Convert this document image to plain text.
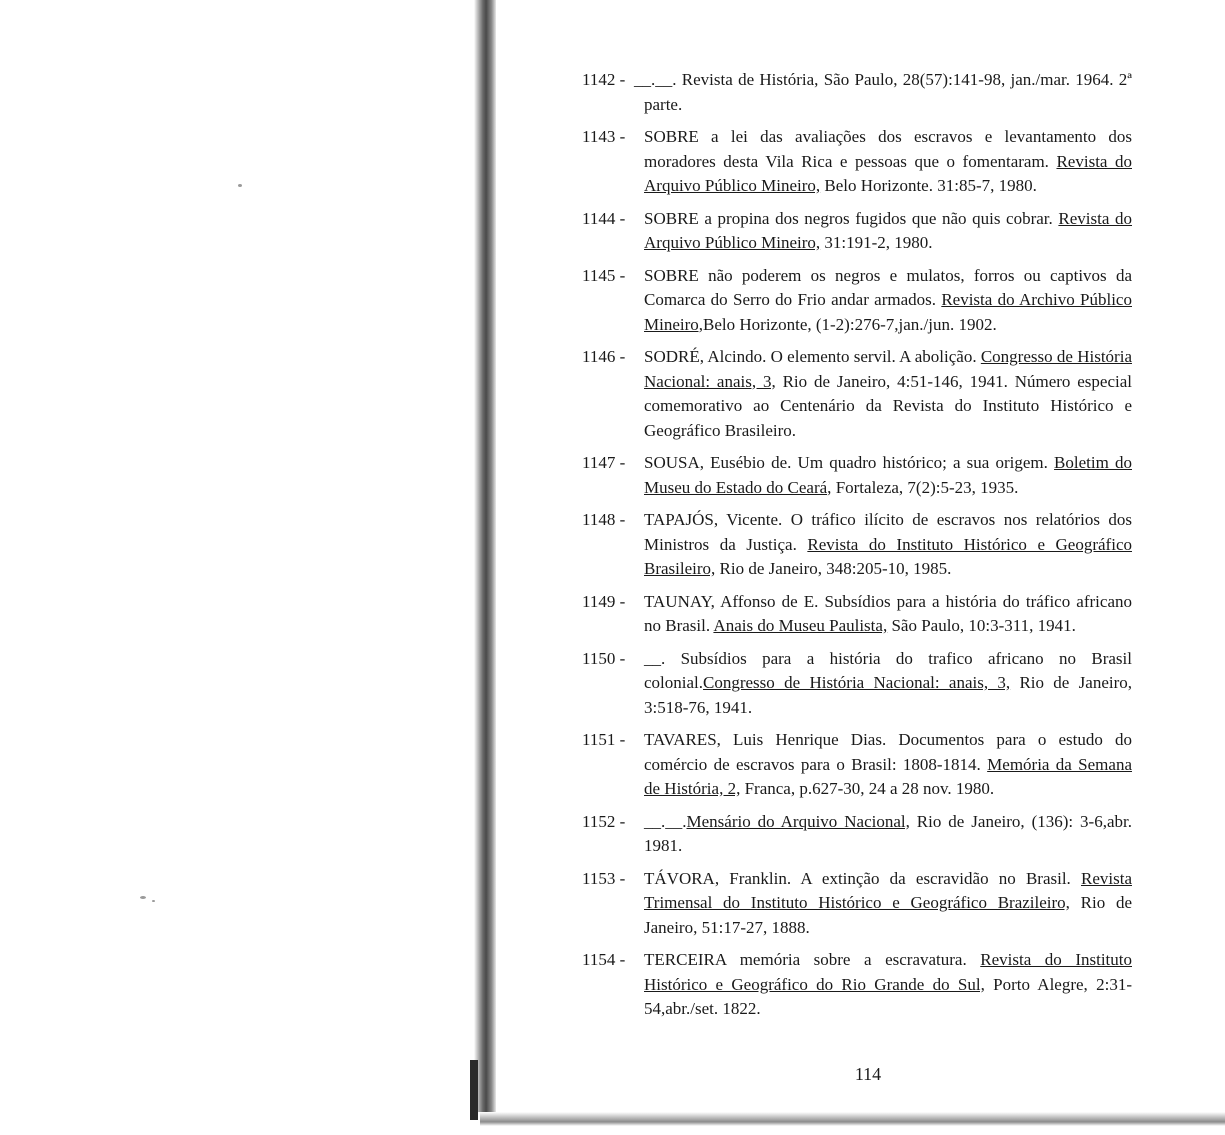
1142 - __.__. Revista de História, São Paulo, 28(57):141-98, jan./mar. 1964. 2ª parte.
1143 - SOBRE a lei das avaliações dos escravos e levantamento dos moradores desta Vila Rica e pessoas que o fomentaram. Revista do Arquivo Público Mineiro, Belo Horizonte. 31:85-7, 1980.
1144 - SOBRE a propina dos negros fugidos que não quis cobrar. Revista do Arquivo Público Mineiro, 31:191-2, 1980.
1145 - SOBRE não poderem os negros e mulatos, forros ou captivos da Comarca do Serro do Frio andar armados. Revista do Archivo Público Mineiro,Belo Horizonte, (1-2):276-7,jan./jun. 1902.
1146 - SODRÉ, Alcindo. O elemento servil. A abolição. Congresso de História Nacional: anais, 3, Rio de Janeiro, 4:51-146, 1941. Número especial comemorativo ao Centenário da Revista do Instituto Histórico e Geográfico Brasileiro.
1147 - SOUSA, Eusébio de. Um quadro histórico; a sua origem. Boletim do Museu do Estado do Ceará, Fortaleza, 7(2):5-23, 1935.
1148 - TAPAJÓS, Vicente. O tráfico ilícito de escravos nos relatórios dos Ministros da Justiça. Revista do Instituto Histórico e Geográfico Brasileiro, Rio de Janeiro, 348:205-10, 1985.
1149 - TAUNAY, Affonso de E. Subsídios para a história do tráfico africano no Brasil. Anais do Museu Paulista, São Paulo, 10:3-311, 1941.
1150 - __. Subsídios para a história do trafico africano no Brasil colonial.Congresso de História Nacional: anais, 3, Rio de Janeiro, 3:518-76, 1941.
1151 - TAVARES, Luis Henrique Dias. Documentos para o estudo do comércio de escravos para o Brasil: 1808-1814. Memória da Semana de História, 2, Franca, p.627-30, 24 a 28 nov. 1980.
1152 - __.__.Mensário do Arquivo Nacional, Rio de Janeiro, (136): 3-6,abr. 1981.
1153 - TÁVORA, Franklin. A extinção da escravidão no Brasil. Revista Trimensal do Instituto Histórico e Geográfico Brazileiro, Rio de Janeiro, 51:17-27, 1888.
1154 - TERCEIRA memória sobre a escravatura. Revista do Instituto Histórico e Geográfico do Rio Grande do Sul, Porto Alegre, 2:31-54,abr./set. 1822.
114
